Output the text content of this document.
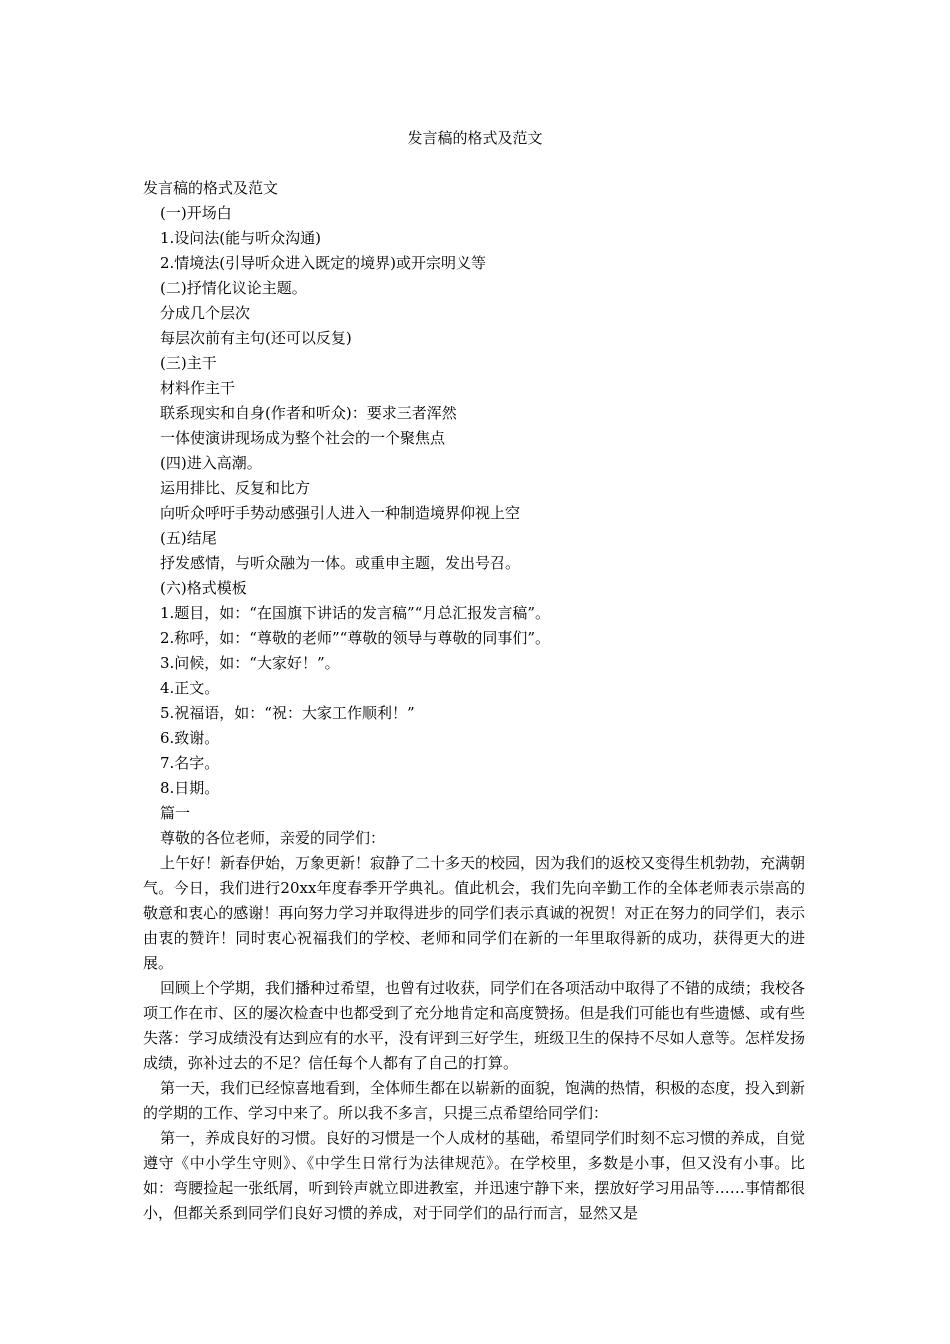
发言稿的格式及范文

发言稿的格式及范文

(一)开场白

1.设问法(能与听众沟通)

2.情境法(引导听众进入既定的境界)或开宗明义等

(二)抒情化议论主题。

分成几个层次

每层次前有主句(还可以反复)

(三)主干

材料作主干

联系现实和自身(作者和听众)：要求三者浑然

一体使演讲现场成为整个社会的一个聚焦点

(四)进入高潮。

运用排比、反复和比方

向听众呼吁手势动感强引人进入一种制造境界仰视上空

(五)结尾

抒发感情，与听众融为一体。或重申主题，发出号召。

(六)格式模板

1.题目，如：“在国旗下讲话的发言稿”“月总汇报发言稿”。

2.称呼，如：“尊敬的老师”“尊敬的领导与尊敬的同事们”。

3.问候，如：“大家好！”。

4.正文。

5.祝福语，如：“祝：大家工作顺利！”

6.致谢。

7.名字。

8.日期。

篇一

尊敬的各位老师，亲爱的同学们：

上午好！新春伊始，万象更新！寂静了二十多天的校园，因为我们的返校又变得生机勃勃，充满朝气。今日，我们进行20xx年度春季开学典礼。值此机会，我们先向辛勤工作的全体老师表示崇高的敬意和衷心的感谢！再向努力学习并取得进步的同学们表示真诚的祝贺！对正在努力的同学们，表示由衷的赞许！同时衷心祝福我们的学校、老师和同学们在新的一年里取得新的成功，获得更大的进展。

回顾上个学期，我们播种过希望，也曾有过收获，同学们在各项活动中取得了不错的成绩；我校各项工作在市、区的屡次检查中也都受到了充分地肯定和高度赞扬。但是我们可能也有些遗憾、或有些失落：学习成绩没有达到应有的水平，没有评到三好学生，班级卫生的保持不尽如人意等。怎样发扬成绩，弥补过去的不足？信任每个人都有了自己的打算。

第一天，我们已经惊喜地看到，全体师生都在以崭新的面貌，饱满的热情，积极的态度，投入到新的学期的工作、学习中来了。所以我不多言，只提三点希望给同学们：

第一，养成良好的习惯。良好的习惯是一个人成材的基础，希望同学们时刻不忘习惯的养成，自觉遵守《中小学生守则》、《中学生日常行为法律规范》。在学校里，多数是小事，但又没有小事。比如：弯腰捡起一张纸屑，听到铃声就立即进教室，并迅速宁静下来，摆放好学习用品等……事情都很小，但都关系到同学们良好习惯的养成，对于同学们的品行而言，显然又是
